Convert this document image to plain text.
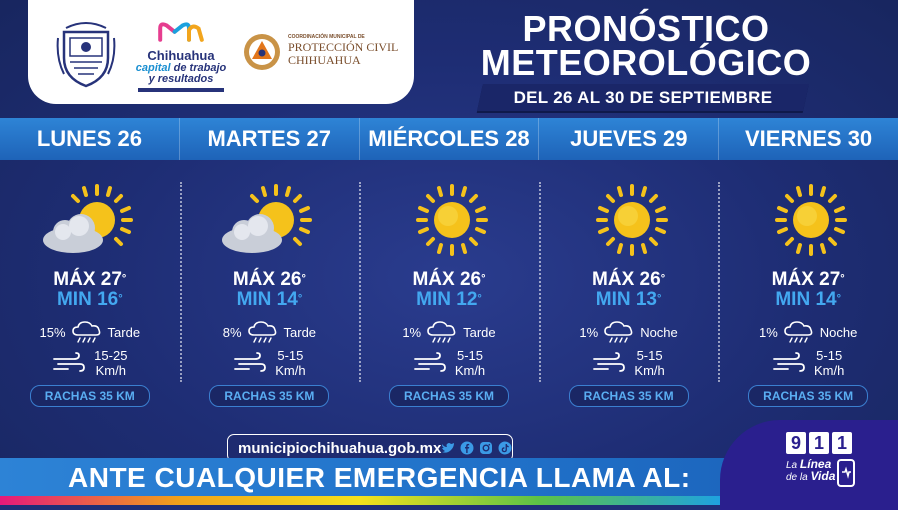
Chihuahua
capital de trabajo
y resultados
COORDINACIÓN MUNICIPAL DE
PROTECCIÓN CIVIL
CHIHUAHUA
PRONÓSTICO
METEOROLÓGICO
DEL 26 AL 30 DE SEPTIEMBRE
LUNES 26	MARTES 27	MIÉRCOLES 28	JUEVES 29	VIERNES 30
MÁX 27°
MIN 16°
15%	Tarde
15-25
Km/h
RACHAS 35 KM
MÁX 26°
MIN 14°
8%	Tarde
5-15
Km/h
RACHAS 35 KM
MÁX 26°
MIN 12°
1%	Tarde
5-15
Km/h
RACHAS 35 KM
MÁX 26°
MIN 13°
1%	Noche
5-15
Km/h
RACHAS 35 KM
MÁX 27°
MIN 14°
1%	Noche
5-15
Km/h
RACHAS 35 KM
municipiochihuahua.gob.mx
ANTE CUALQUIER EMERGENCIA LLAMA AL:
9 1 1
La Línea
de la Vida
